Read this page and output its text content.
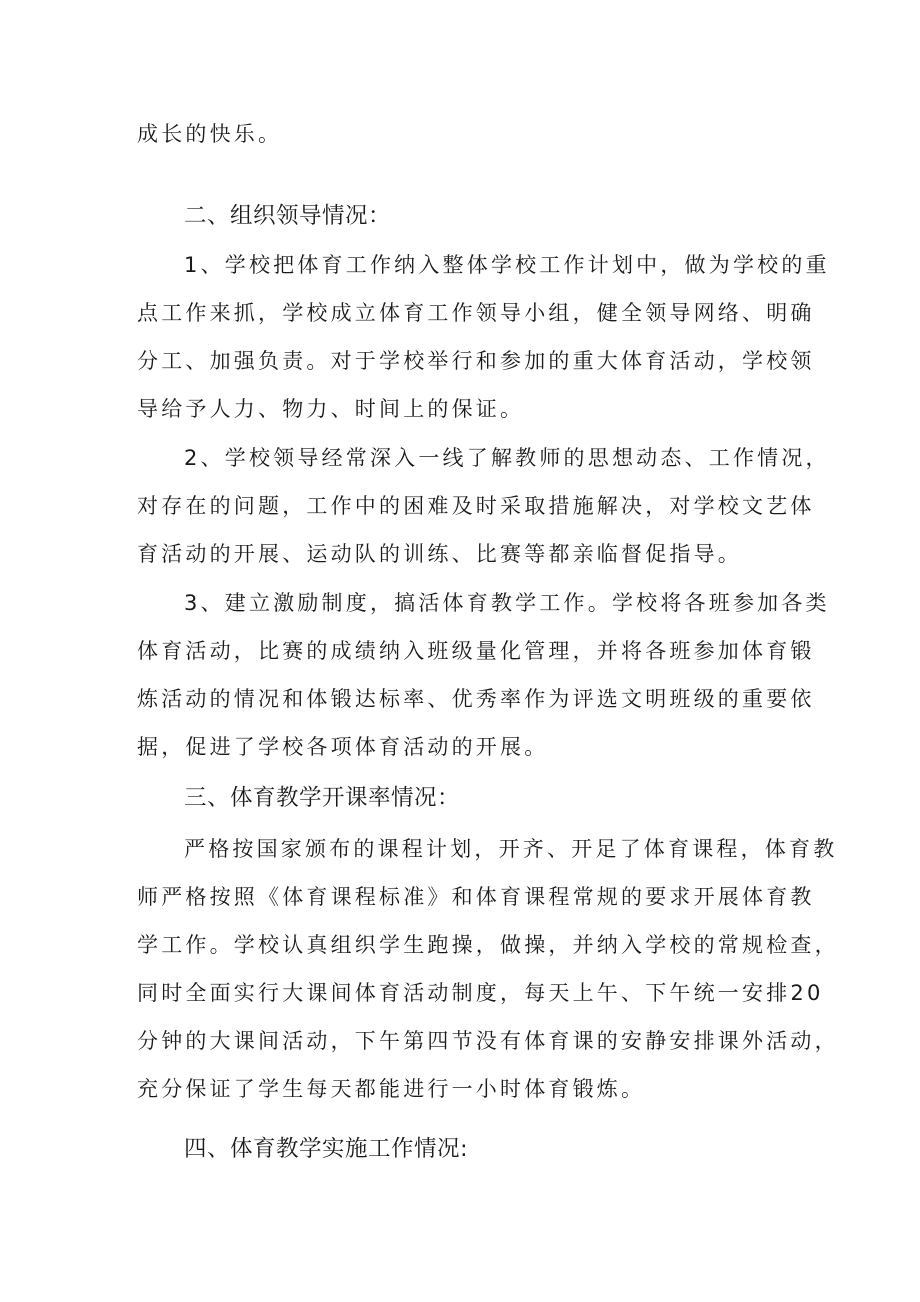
成长的快乐。
二、组织领导情况：
1、学校把体育工作纳入整体学校工作计划中，做为学校的重
点工作来抓，学校成立体育工作领导小组，健全领导网络、明确
分工、加强负责。对于学校举行和参加的重大体育活动，学校领
导给予人力、物力、时间上的保证。
2、学校领导经常深入一线了解教师的思想动态、工作情况，
对存在的问题，工作中的困难及时采取措施解决，对学校文艺体
育活动的开展、运动队的训练、比赛等都亲临督促指导。
3、建立激励制度，搞活体育教学工作。学校将各班参加各类
体育活动，比赛的成绩纳入班级量化管理，并将各班参加体育锻
炼活动的情况和体锻达标率、优秀率作为评选文明班级的重要依
据，促进了学校各项体育活动的开展。
三、体育教学开课率情况：
严格按国家颁布的课程计划，开齐、开足了体育课程，体育教
师严格按照《体育课程标准》和体育课程常规的要求开展体育教
学工作。学校认真组织学生跑操，做操，并纳入学校的常规检查，
同时全面实行大课间体育活动制度，每天上午、下午统一安排20
分钟的大课间活动，下午第四节没有体育课的安静安排课外活动，
充分保证了学生每天都能进行一小时体育锻炼。
四、体育教学实施工作情况:
